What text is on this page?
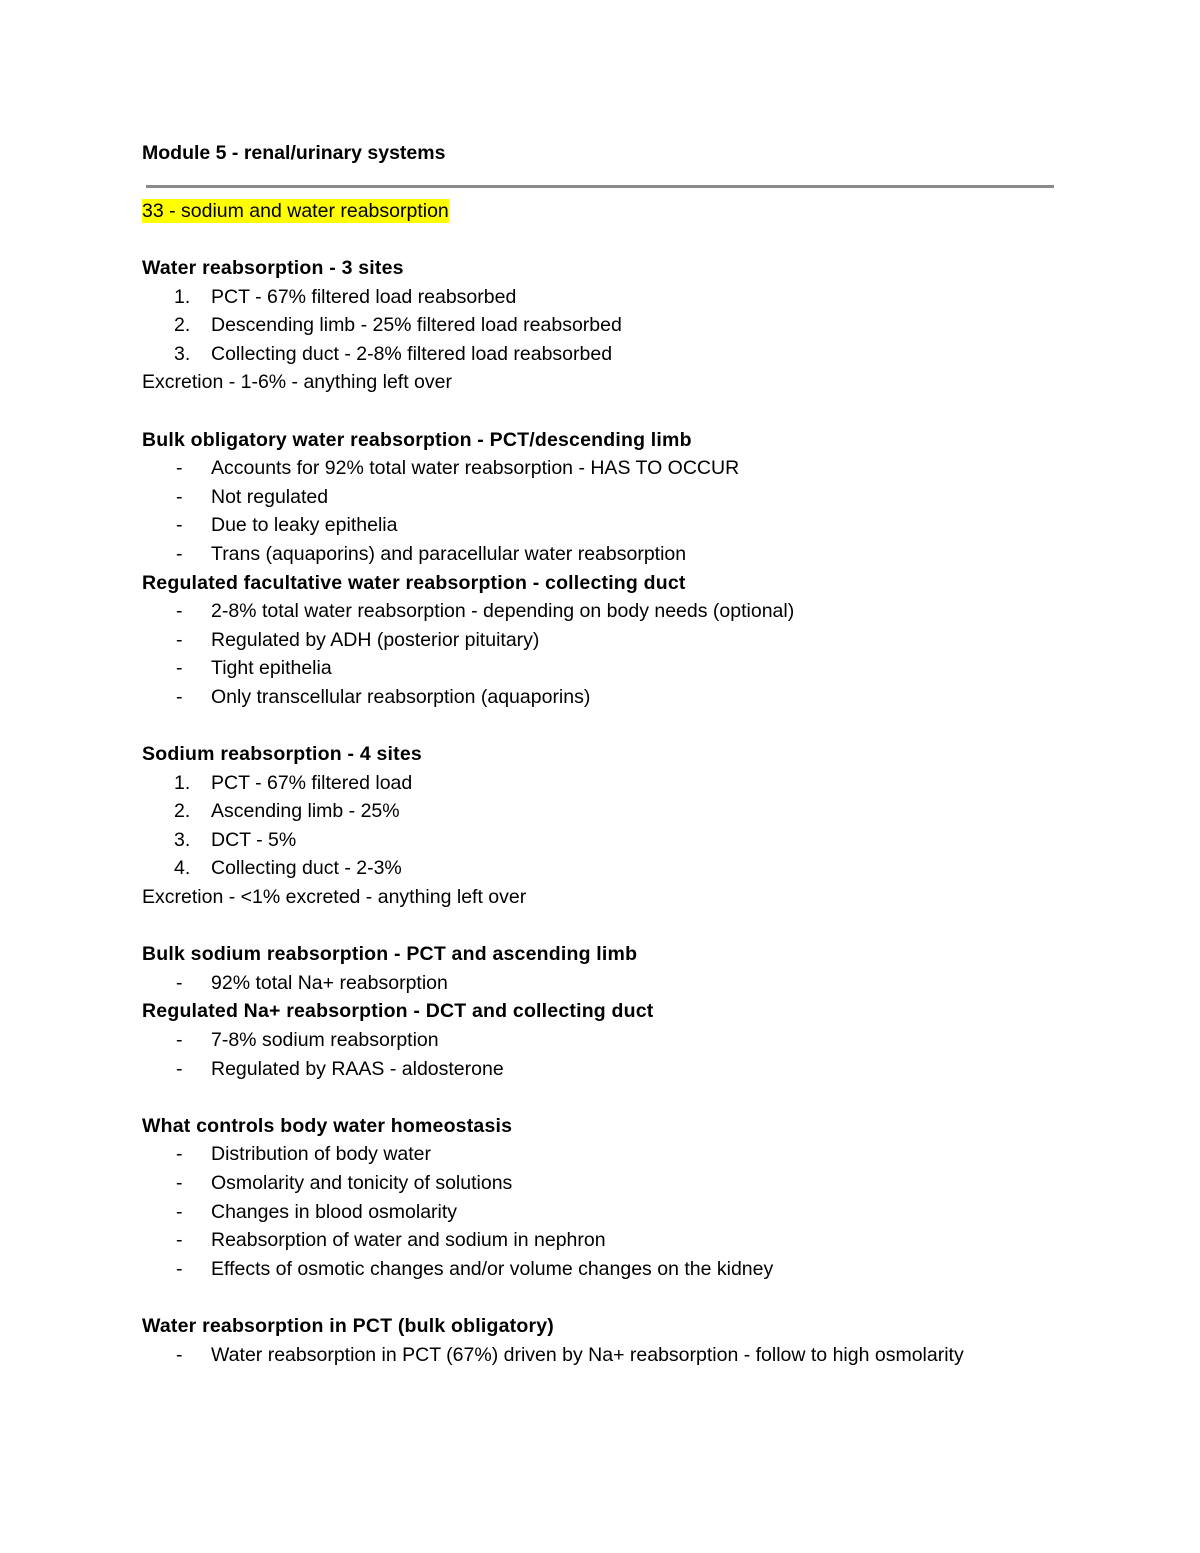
Module 5 - renal/urinary systems
33 - sodium and water reabsorption
Water reabsorption - 3 sites
1.	PCT - 67% filtered load reabsorbed
2.	Descending limb - 25% filtered load reabsorbed
3.	Collecting duct - 2-8% filtered load reabsorbed
Excretion - 1-6% - anything left over
Bulk obligatory water reabsorption - PCT/descending limb
-	Accounts for 92% total water reabsorption - HAS TO OCCUR
-	Not regulated
-	Due to leaky epithelia
-	Trans (aquaporins) and paracellular water reabsorption
Regulated facultative water reabsorption - collecting duct
-	2-8% total water reabsorption - depending on body needs (optional)
-	Regulated by ADH (posterior pituitary)
-	Tight epithelia
-	Only transcellular reabsorption (aquaporins)
Sodium reabsorption - 4 sites
1.	PCT - 67% filtered load
2.	Ascending limb - 25%
3.	DCT - 5%
4.	Collecting duct - 2-3%
Excretion - <1% excreted - anything left over
Bulk sodium reabsorption - PCT and ascending limb
-	92% total Na+ reabsorption
Regulated Na+ reabsorption - DCT and collecting duct
-	7-8% sodium reabsorption
-	Regulated by RAAS - aldosterone
What controls body water homeostasis
-	Distribution of body water
-	Osmolarity and tonicity of solutions
-	Changes in blood osmolarity
-	Reabsorption of water and sodium in nephron
-	Effects of osmotic changes and/or volume changes on the kidney
Water reabsorption in PCT (bulk obligatory)
-	Water reabsorption in PCT (67%) driven by Na+ reabsorption - follow to high osmolarity
